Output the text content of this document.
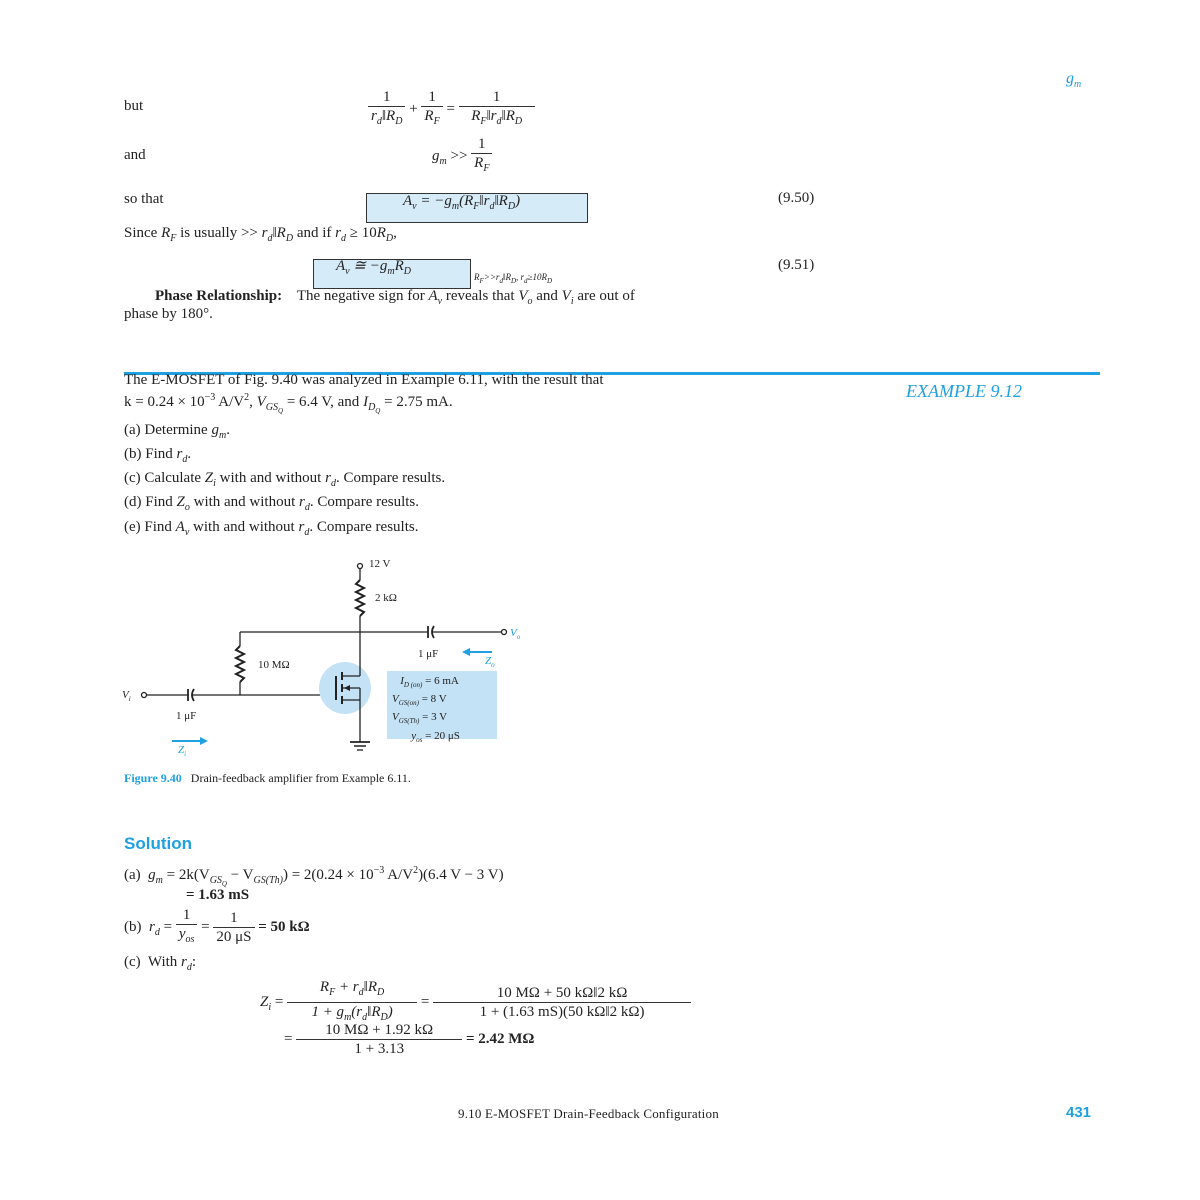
$g_m$
but	$\frac{1}{r_d‖R_D} + \frac{1}{R_F} = \frac{1}{R_F‖r_d‖R_D}$
and	$g_m >> \frac{1}{R_F}$
so that	$A_v$ = $-g_m(R_F‖r_d‖R_D)$	(9.50)
Since $R_F$ is usually >> $r_d‖R_D$ and if $r_d \ge 10R_D$,
$A_v$ ≅ $-g_mR_D$	$R_F>>r_d‖R_D$, $r_d\ge 10R_D$
(9.51)
Phase Relationship: The negative sign for $A_v$ reveals that $V_o$ and $V_i$ are out of
phase by 180°.
EXAMPLE 9.12
The E-MOSFET of Fig. 9.40 was analyzed in Example 6.11, with the result that
$k = 0.24 \times 10^{-3}$ $A/V^2$, $V_{GS_Q} = 6.4$ V, and $I_{D_Q} = 2.75$ mA.
(a) Determine $g_m$.
(b) Find $r_d$.
(c) Calculate $Z_i$ with and without $r_d$. Compare results.
(d) Find $Z_o$ with and without $r_d$. Compare results.
(e) Find $A_v$ with and without $r_d$. Compare results.
12 V
2 kΩ
10 MΩ
1 μF
1 μF
$V_i$
$V_o$
$Z_i$
$Z_o$
$I_{D (on)} = 6$ mA
$V_{GS(on)} = 8$ V
$V_{GS(Th)} = 3$ V
$y_{os} = 20$ μS
Figure 9.40 Drain-feedback amplifier from Example 6.11.
Solution
(a) $g_m = 2k(V_{GS_Q} - V_{GS(Th)}) = 2(0.24 \times 10^{-3}$ $A/V^2)(6.4$ V − 3 V)
= 1.63 mS
(b) $r_d = \frac{1}{y_{os}} = \frac{1}{20 \mu S} = 50$ kΩ
(c) With $r_d$:
$Z_i = \frac{R_F + r_d‖R_D}{1 + g_m(r_d‖R_D)} = \frac{10 M\Omega + 50 k\Omega‖2 k\Omega}{1 + (1.63 mS)(50 k\Omega‖2 k\Omega)}$
= $\frac{10 M\Omega + 1.92 k\Omega}{1 + 3.13} = 2.42$ MΩ
9.10 E-MOSFET Drain-Feedback Configuration	431
